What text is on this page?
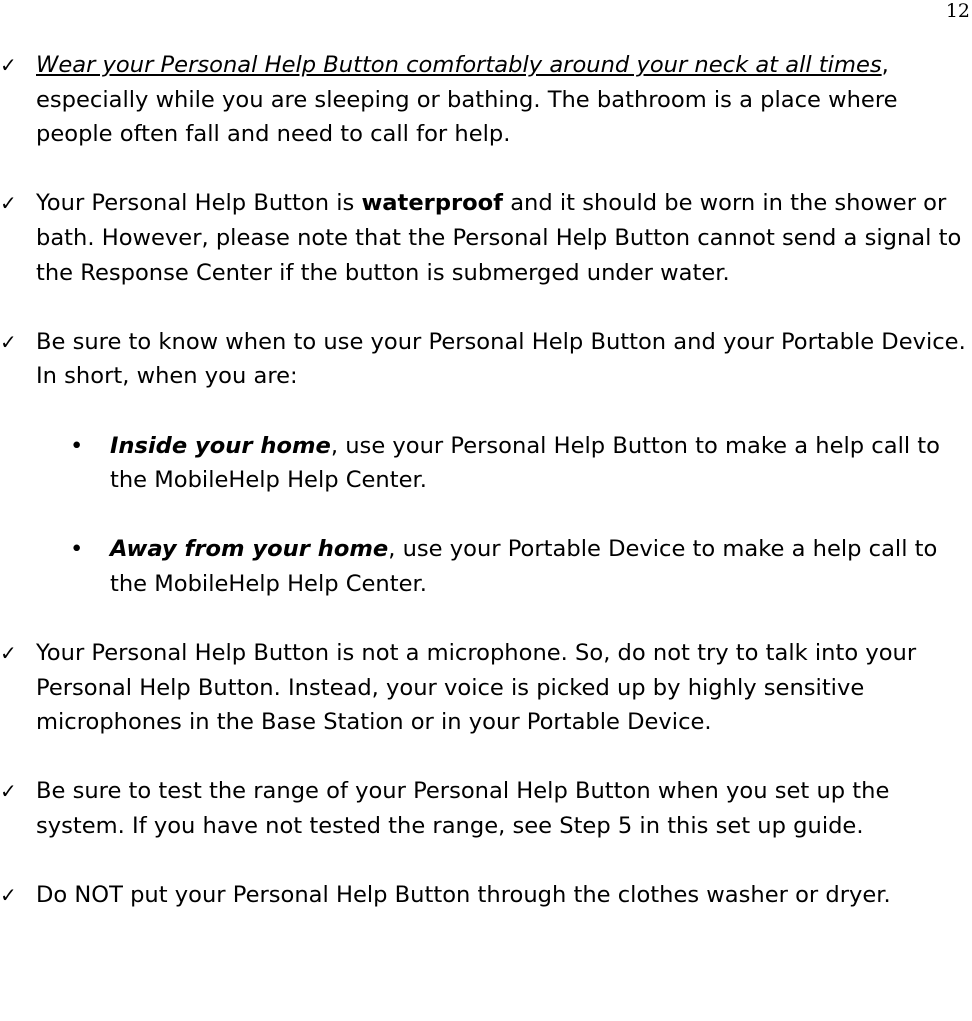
12
✓ Wear your Personal Help Button comfortably around your neck at all times, especially while you are sleeping or bathing. The bathroom is a place where people often fall and need to call for help.
✓ Your Personal Help Button is waterproof and it should be worn in the shower or bath. However, please note that the Personal Help Button cannot send a signal to the Response Center if the button is submerged under water.
✓ Be sure to know when to use your Personal Help Button and your Portable Device. In short, when you are:
• Inside your home, use your Personal Help Button to make a help call to the MobileHelp Help Center.
• Away from your home, use your Portable Device to make a help call to the MobileHelp Help Center.
✓ Your Personal Help Button is not a microphone. So, do not try to talk into your Personal Help Button. Instead, your voice is picked up by highly sensitive microphones in the Base Station or in your Portable Device.
✓ Be sure to test the range of your Personal Help Button when you set up the system. If you have not tested the range, see Step 5 in this set up guide.
✓ Do NOT put your Personal Help Button through the clothes washer or dryer.
